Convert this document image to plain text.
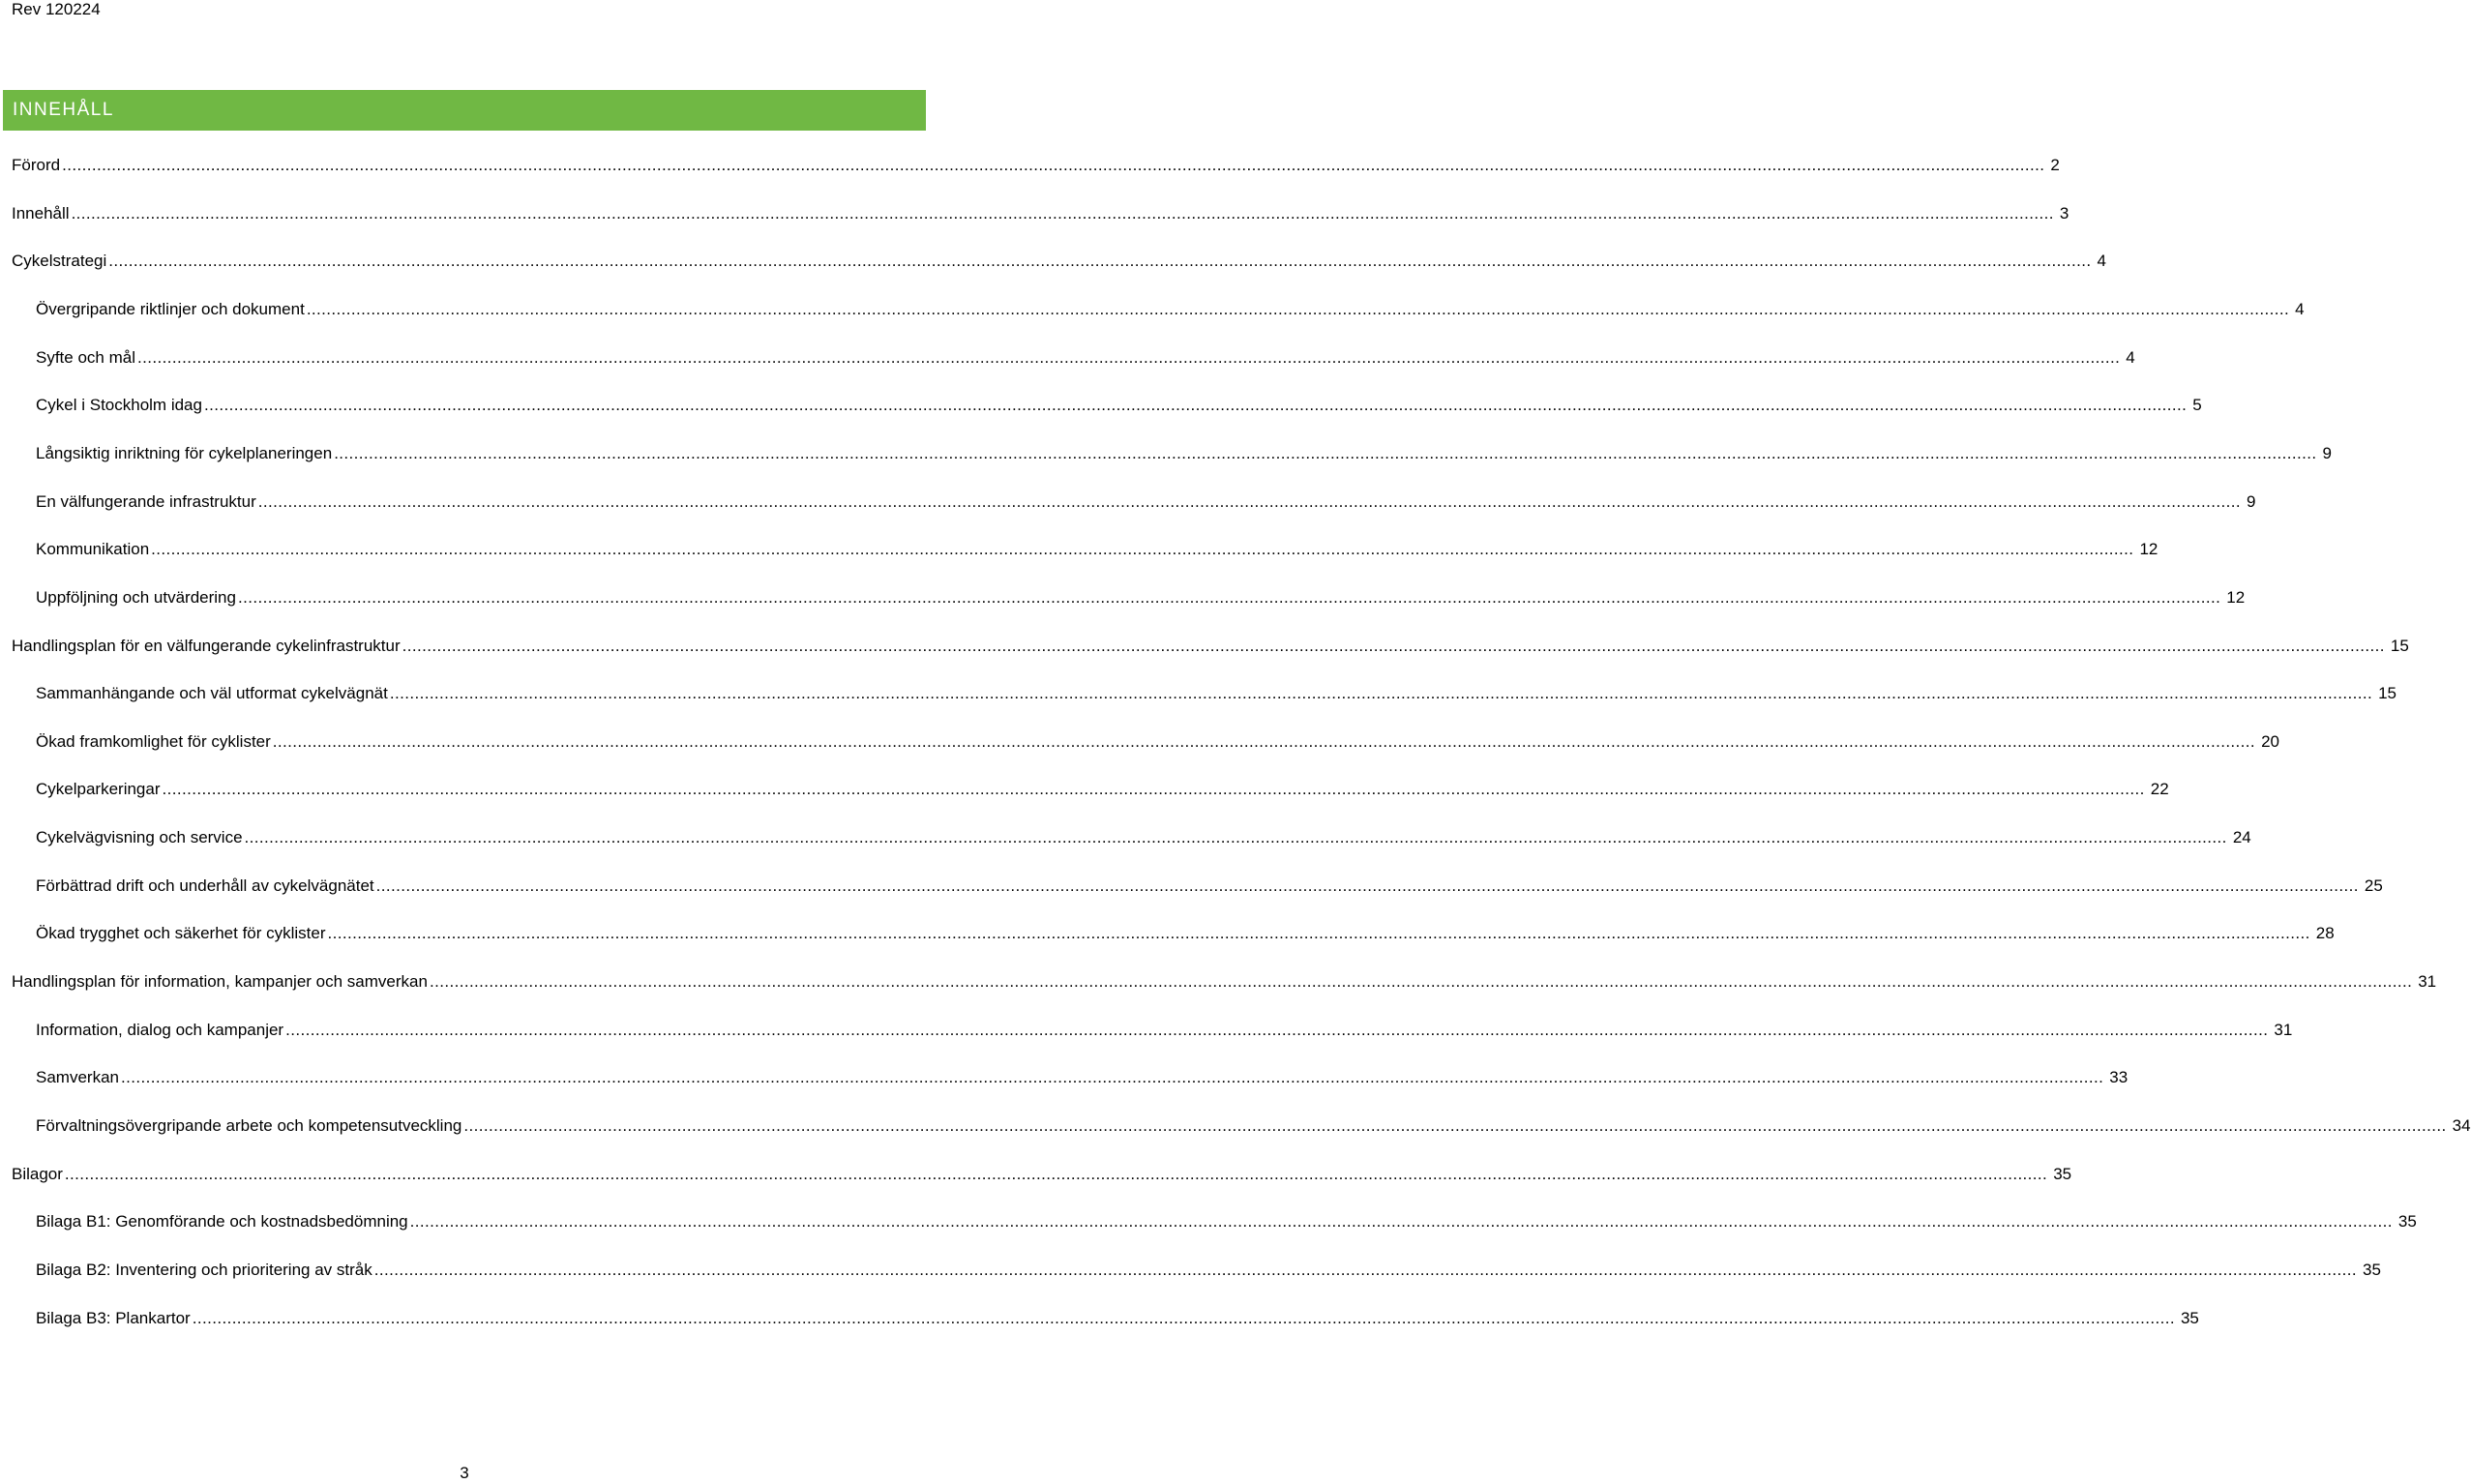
Rev 120224
INNEHÅLL
Förord ................................................................................................................................................................................................................................................................................................................................................................................................................ 2
Innehåll ................................................................................................................................................................................................................................................................................................................................................................................................................ 3
Cykelstrategi ................................................................................................................................................................................................................................................................................................................................................................................................................ 4
Övergripande riktlinjer och dokument ................................................................................................................................................................................................................................................................................................................................................................................................................ 4
Syfte och mål ................................................................................................................................................................................................................................................................................................................................................................................................................ 4
Cykel i Stockholm idag ................................................................................................................................................................................................................................................................................................................................................................................................................ 5
Långsiktig inriktning för cykelplaneringen ................................................................................................................................................................................................................................................................................................................................................................................................................ 9
En välfungerande infrastruktur ................................................................................................................................................................................................................................................................................................................................................................................................................ 9
Kommunikation ................................................................................................................................................................................................................................................................................................................................................................................................................ 12
Uppföljning och utvärdering ................................................................................................................................................................................................................................................................................................................................................................................................................ 12
Handlingsplan för en välfungerande cykelinfrastruktur ................................................................................................................................................................................................................................................................................................................................................................................................................ 15
Sammanhängande och väl utformat cykelvägnät ................................................................................................................................................................................................................................................................................................................................................................................................................ 15
Ökad framkomlighet för cyklister ................................................................................................................................................................................................................................................................................................................................................................................................................ 20
Cykelparkeringar ................................................................................................................................................................................................................................................................................................................................................................................................................ 22
Cykelvägvisning och service ................................................................................................................................................................................................................................................................................................................................................................................................................ 24
Förbättrad drift och underhåll av cykelvägnätet ................................................................................................................................................................................................................................................................................................................................................................................................................ 25
Ökad trygghet och säkerhet för cyklister ................................................................................................................................................................................................................................................................................................................................................................................................................ 28
Handlingsplan för information, kampanjer och samverkan ................................................................................................................................................................................................................................................................................................................................................................................................................ 31
Information, dialog och kampanjer ................................................................................................................................................................................................................................................................................................................................................................................................................ 31
Samverkan ................................................................................................................................................................................................................................................................................................................................................................................................................ 33
Förvaltningsövergripande arbete och kompetensutveckling ................................................................................................................................................................................................................................................................................................................................................................................................................ 34
Bilagor ................................................................................................................................................................................................................................................................................................................................................................................................................ 35
Bilaga B1: Genomförande och kostnadsbedömning ................................................................................................................................................................................................................................................................................................................................................................................................................ 35
Bilaga B2: Inventering och prioritering av stråk ................................................................................................................................................................................................................................................................................................................................................................................................................ 35
Bilaga B3: Plankartor ................................................................................................................................................................................................................................................................................................................................................................................................................ 35
3
